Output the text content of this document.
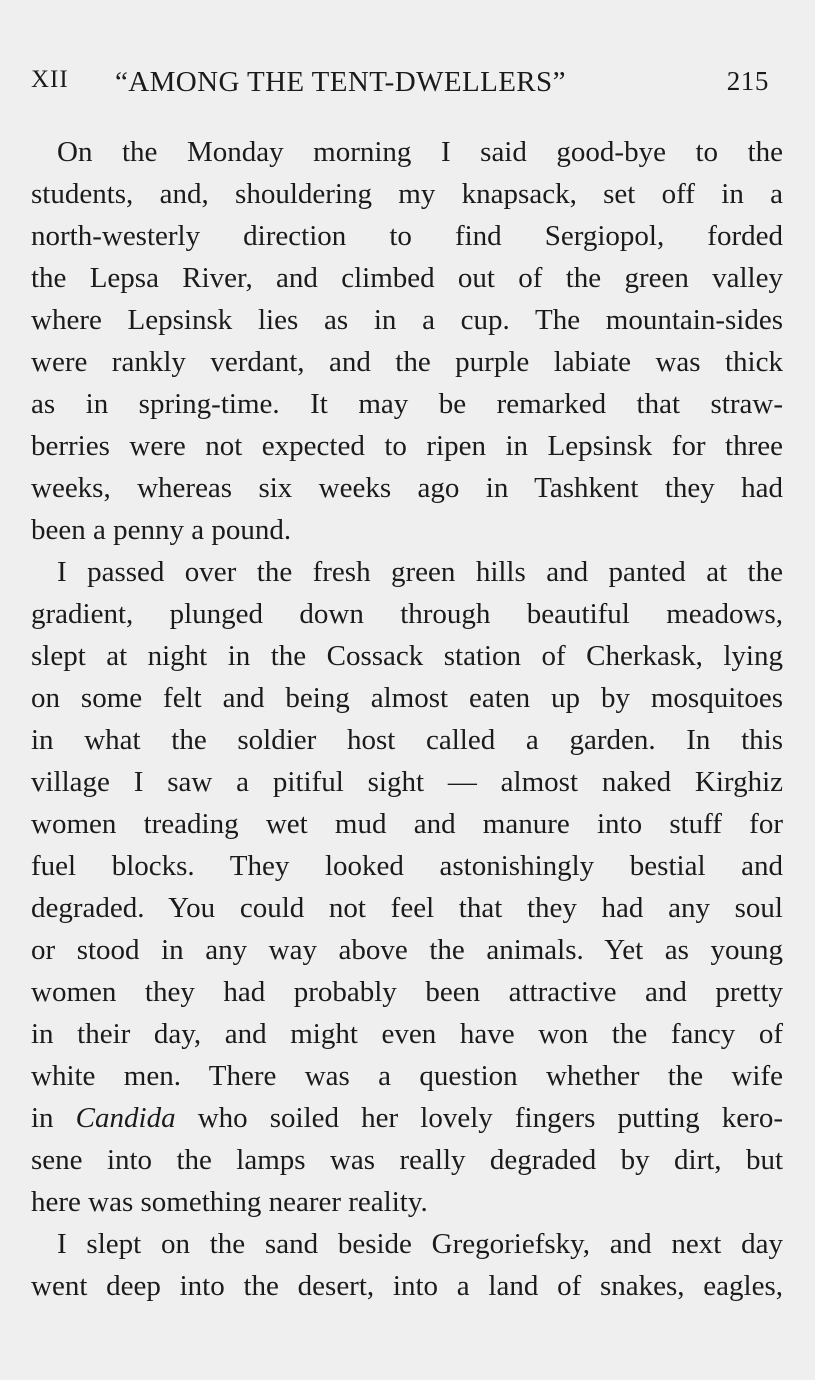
XII “AMONG THE TENT-DWELLERS”	215
On the Monday morning I said good-bye to the
students, and, shouldering my knapsack, set off in a
north-westerly direction to find Sergiopol, forded
the Lepsa River, and climbed out of the green valley
where Lepsinsk lies as in a cup. The mountain-sides
were rankly verdant, and the purple labiate was thick
as in spring-time. It may be remarked that straw-
berries were not expected to ripen in Lepsinsk for three
weeks, whereas six weeks ago in Tashkent they had
been a penny a pound.
I passed over the fresh green hills and panted at the
gradient, plunged down through beautiful meadows,
slept at night in the Cossack station of Cherkask, lying
on some felt and being almost eaten up by mosquitoes
in what the soldier host called a garden. In this
village I saw a pitiful sight — almost naked Kirghiz
women treading wet mud and manure into stuff for
fuel blocks. They looked astonishingly bestial and
degraded. You could not feel that they had any soul
or stood in any way above the animals. Yet as young
women they had probably been attractive and pretty
in their day, and might even have won the fancy of
white men. There was a question whether the wife
in Candida who soiled her lovely fingers putting kero-
sene into the lamps was really degraded by dirt, but
here was something nearer reality.
I slept on the sand beside Gregoriefsky, and next day
went deep into the desert, into a land of snakes, eagles,
